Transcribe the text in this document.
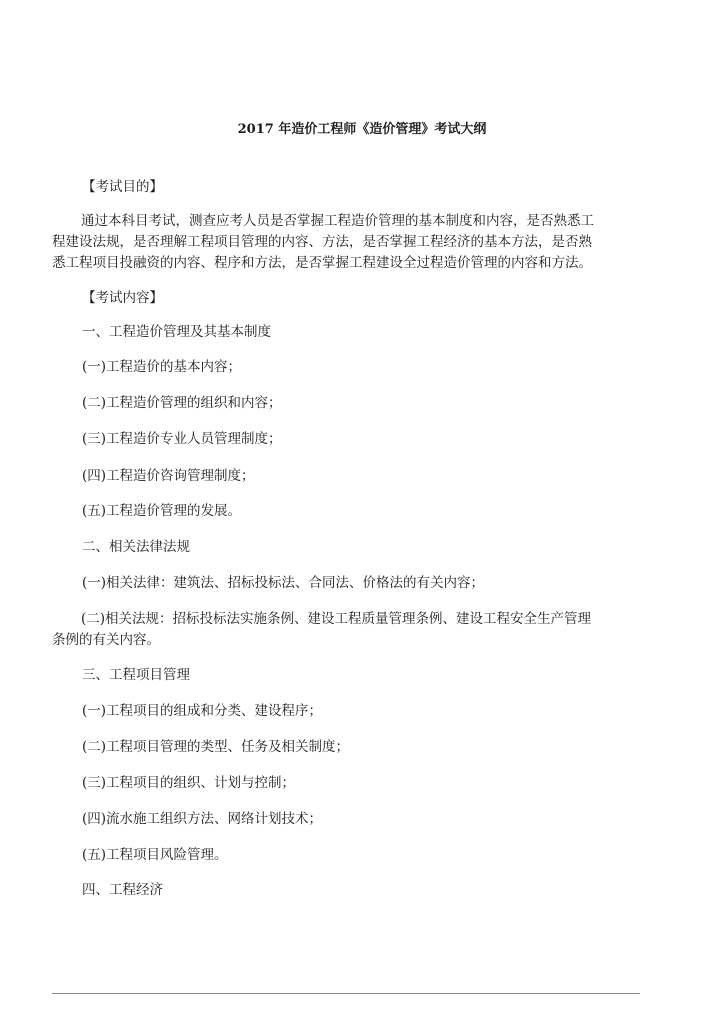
2017 年造价工程师《造价管理》考试大纲
【考试目的】
通过本科目考试，测查应考人员是否掌握工程造价管理的基本制度和内容，是否熟悉工
程建设法规，是否理解工程项目管理的内容、方法，是否掌握工程经济的基本方法，是否熟
悉工程项目投融资的内容、程序和方法，是否掌握工程建设全过程造价管理的内容和方法。
【考试内容】
一、工程造价管理及其基本制度
(一)工程造价的基本内容；
(二)工程造价管理的组织和内容；
(三)工程造价专业人员管理制度；
(四)工程造价咨询管理制度；
(五)工程造价管理的发展。
二、相关法律法规
(一)相关法律：建筑法、招标投标法、合同法、价格法的有关内容；
(二)相关法规：招标投标法实施条例、建设工程质量管理条例、建设工程安全生产管理
条例的有关内容。
三、工程项目管理
(一)工程项目的组成和分类、建设程序；
(二)工程项目管理的类型、任务及相关制度；
(三)工程项目的组织、计划与控制；
(四)流水施工组织方法、网络计划技术；
(五)工程项目风险管理。
四、工程经济
